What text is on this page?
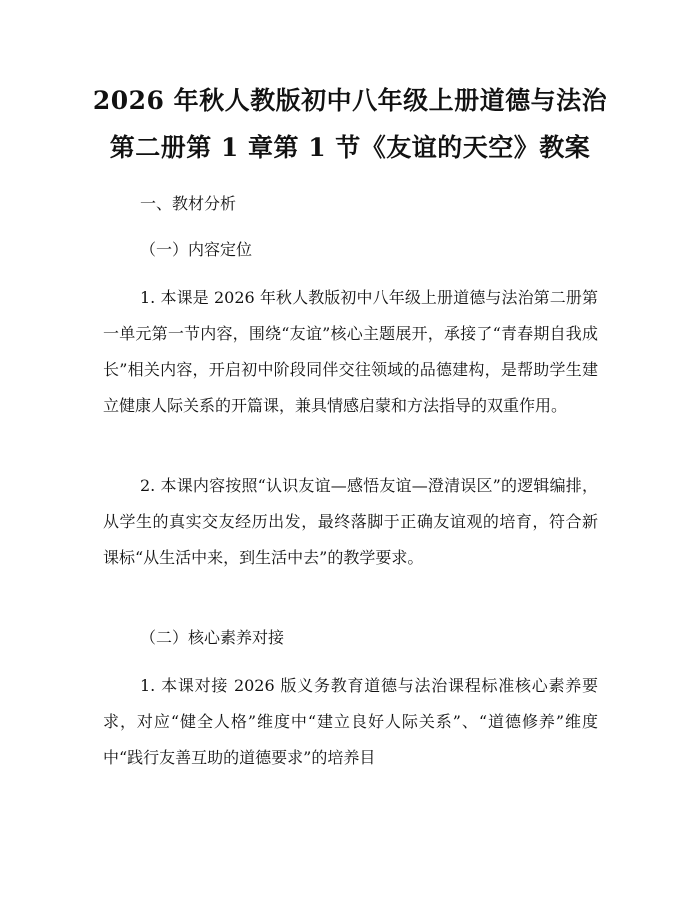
2026 年秋人教版初中八年级上册道德与法治
第二册第 1 章第 1 节《友谊的天空》教案
一、教材分析
（一）内容定位

1. 本课是 2026 年秋人教版初中八年级上册道德与法治第二册第一单元第一节内容，围绕“友谊”核心主题展开，承接了“青春期自我成长”相关内容，开启初中阶段同伴交往领域的品德建构，是帮助学生建立健康人际关系的开篇课，兼具情感启蒙和方法指导的双重作用。

2. 本课内容按照“认识友谊—感悟友谊—澄清误区”的逻辑编排，从学生的真实交友经历出发，最终落脚于正确友谊观的培育，符合新课标“从生活中来，到生活中去”的教学要求。

（二）核心素养对接

1. 本课对接 2026 版义务教育道德与法治课程标准核心素养要求，对应“健全人格”维度中“建立良好人际关系”、“道德修养”维度中“践行友善互助的道德要求”的培养目
